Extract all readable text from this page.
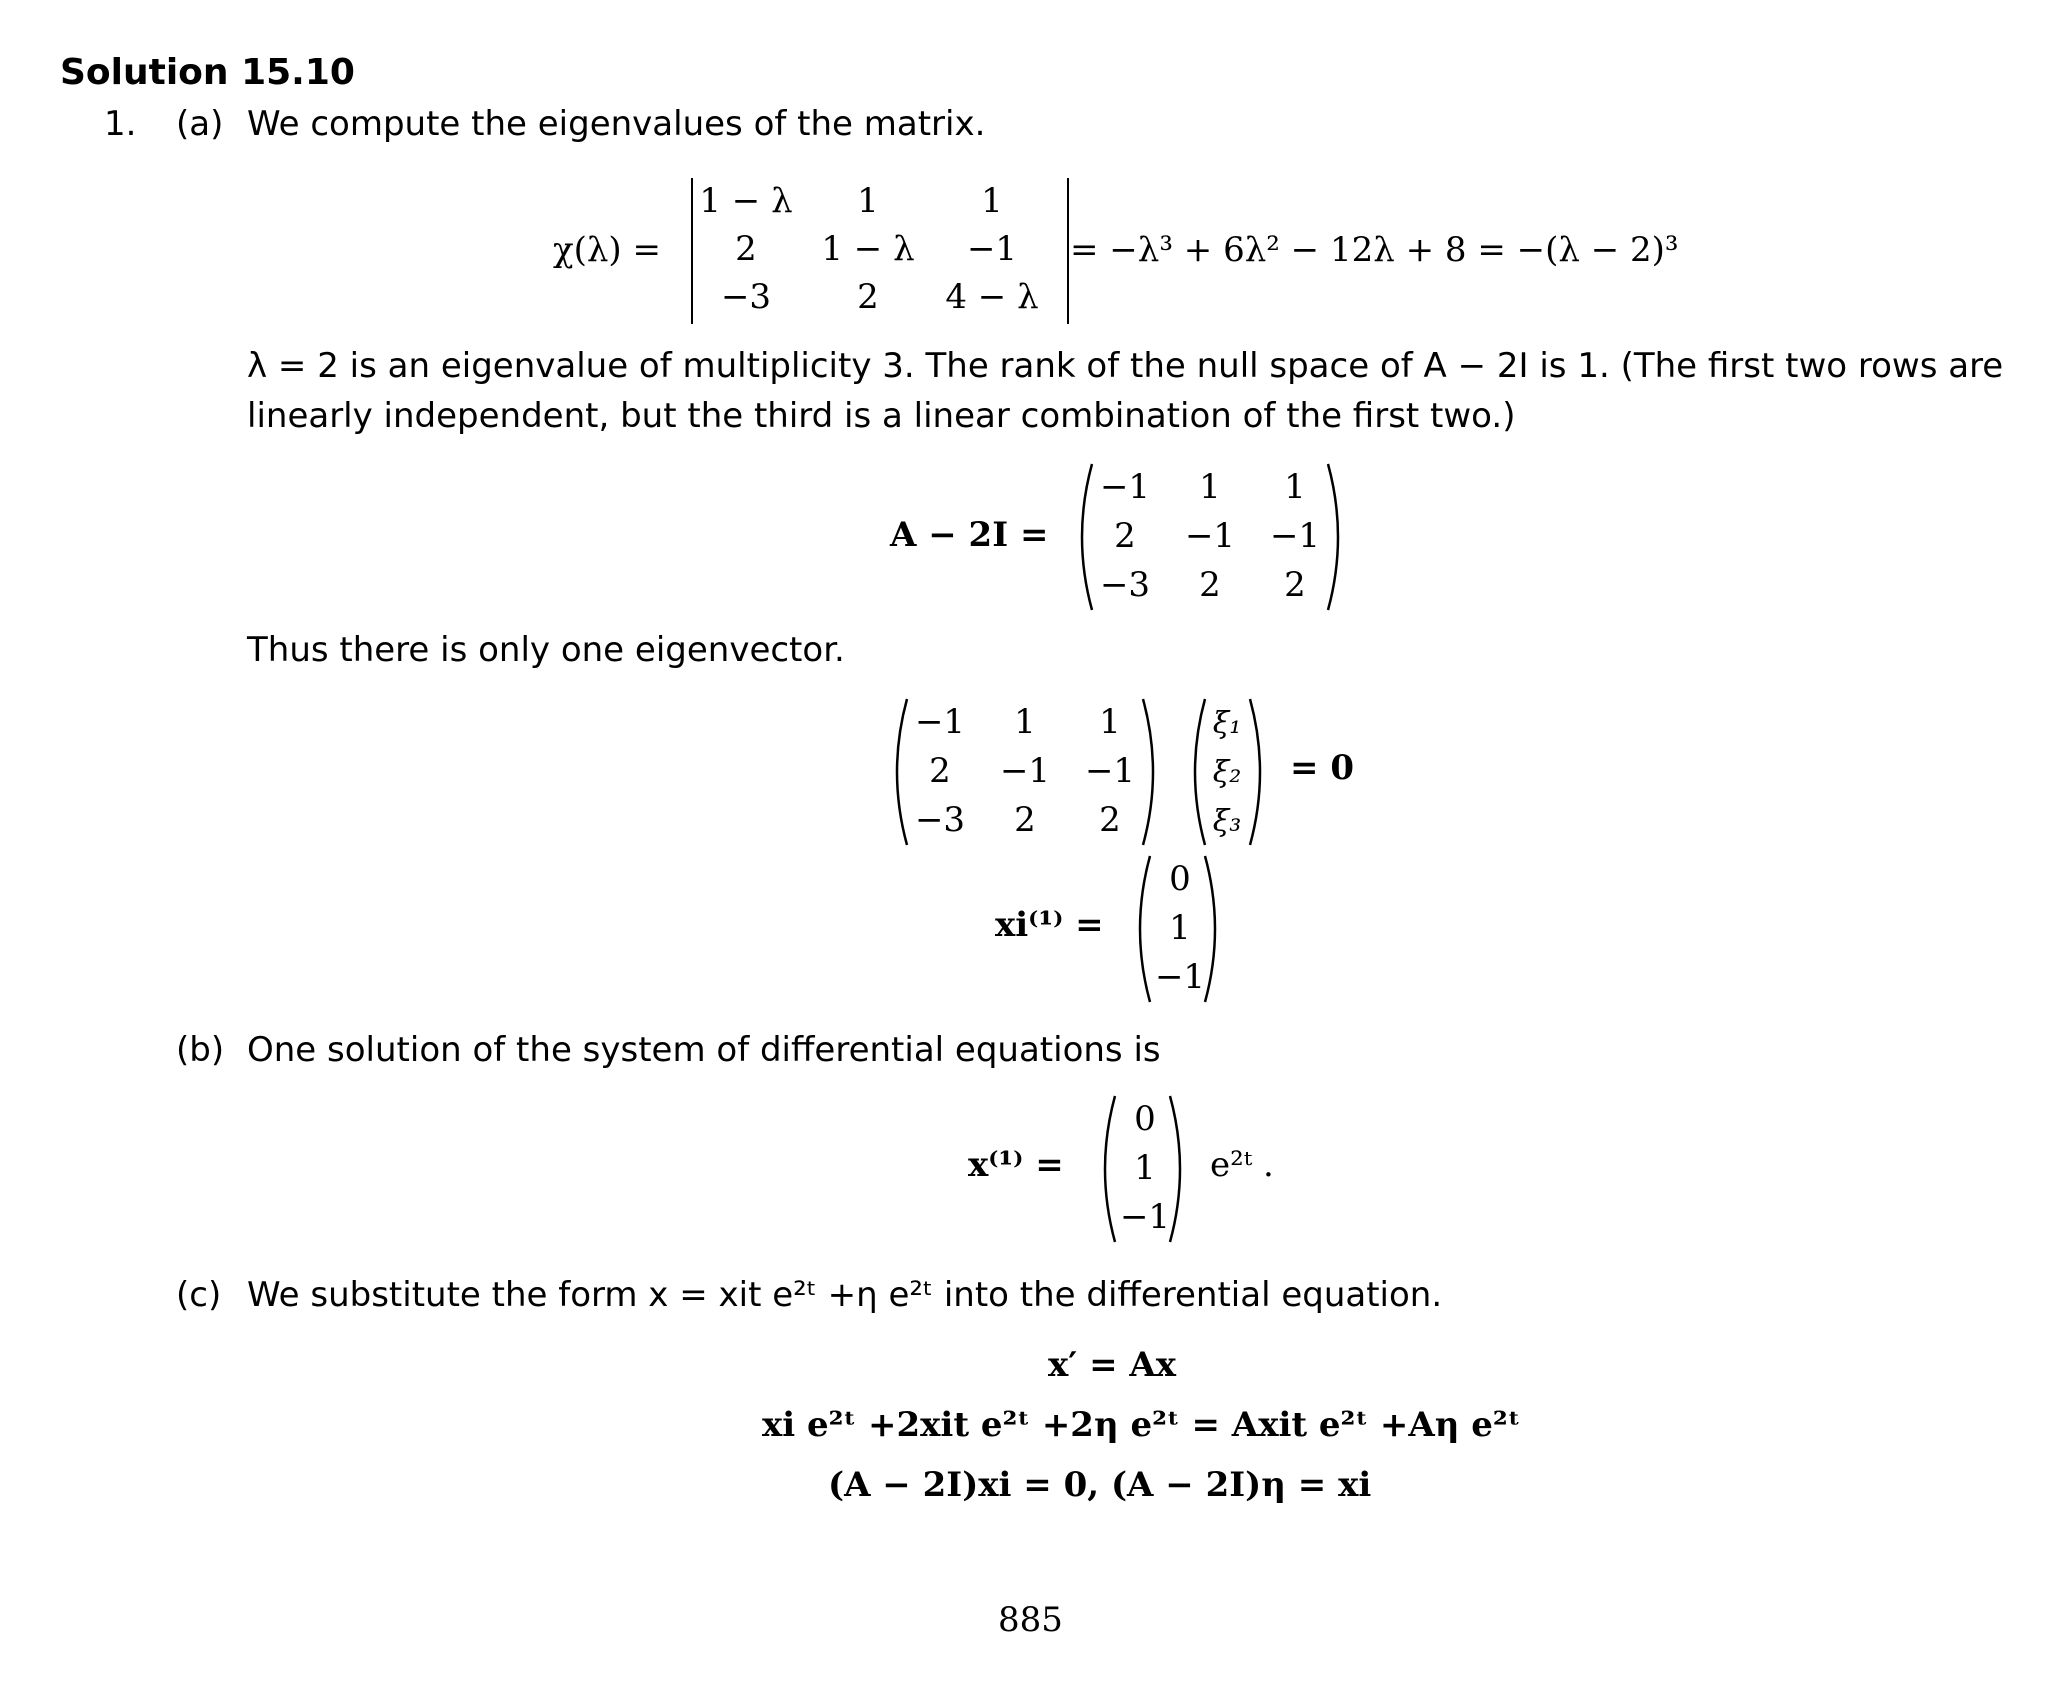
Solution 15.10
1. (a) We compute the eigenvalues of the matrix.
χ(λ) =
1 − λ 1	1
2 1 − λ −1
−3	2 4 − λ
= −λ³ + 6λ² − 12λ + 8 = −(λ − 2)³
λ = 2 is an eigenvalue of multiplicity 3. The rank of the null space of A − 2I is 1. (The first two rows are
linearly independent, but the third is a linear combination of the first two.)
A − 2I =
−1 1 1
2 −1 −1
−3 2 2
Thus there is only one eigenvector.
−1 1 1
2 −1 −1
−3 2 2
ξ₁
ξ₂
ξ₃
= 0
xi⁽¹⁾ =
0
1
−1
(b) One solution of the system of differential equations is
x⁽¹⁾ =
0
1
−1
e²ᵗ .
(c) We substitute the form x = xit e²ᵗ +η e²ᵗ into the differential equation.
x′ = Ax
xi e²ᵗ +2xit e²ᵗ +2η e²ᵗ = Axit e²ᵗ +Aη e²ᵗ
(A − 2I)xi = 0, (A − 2I)η = xi
885
